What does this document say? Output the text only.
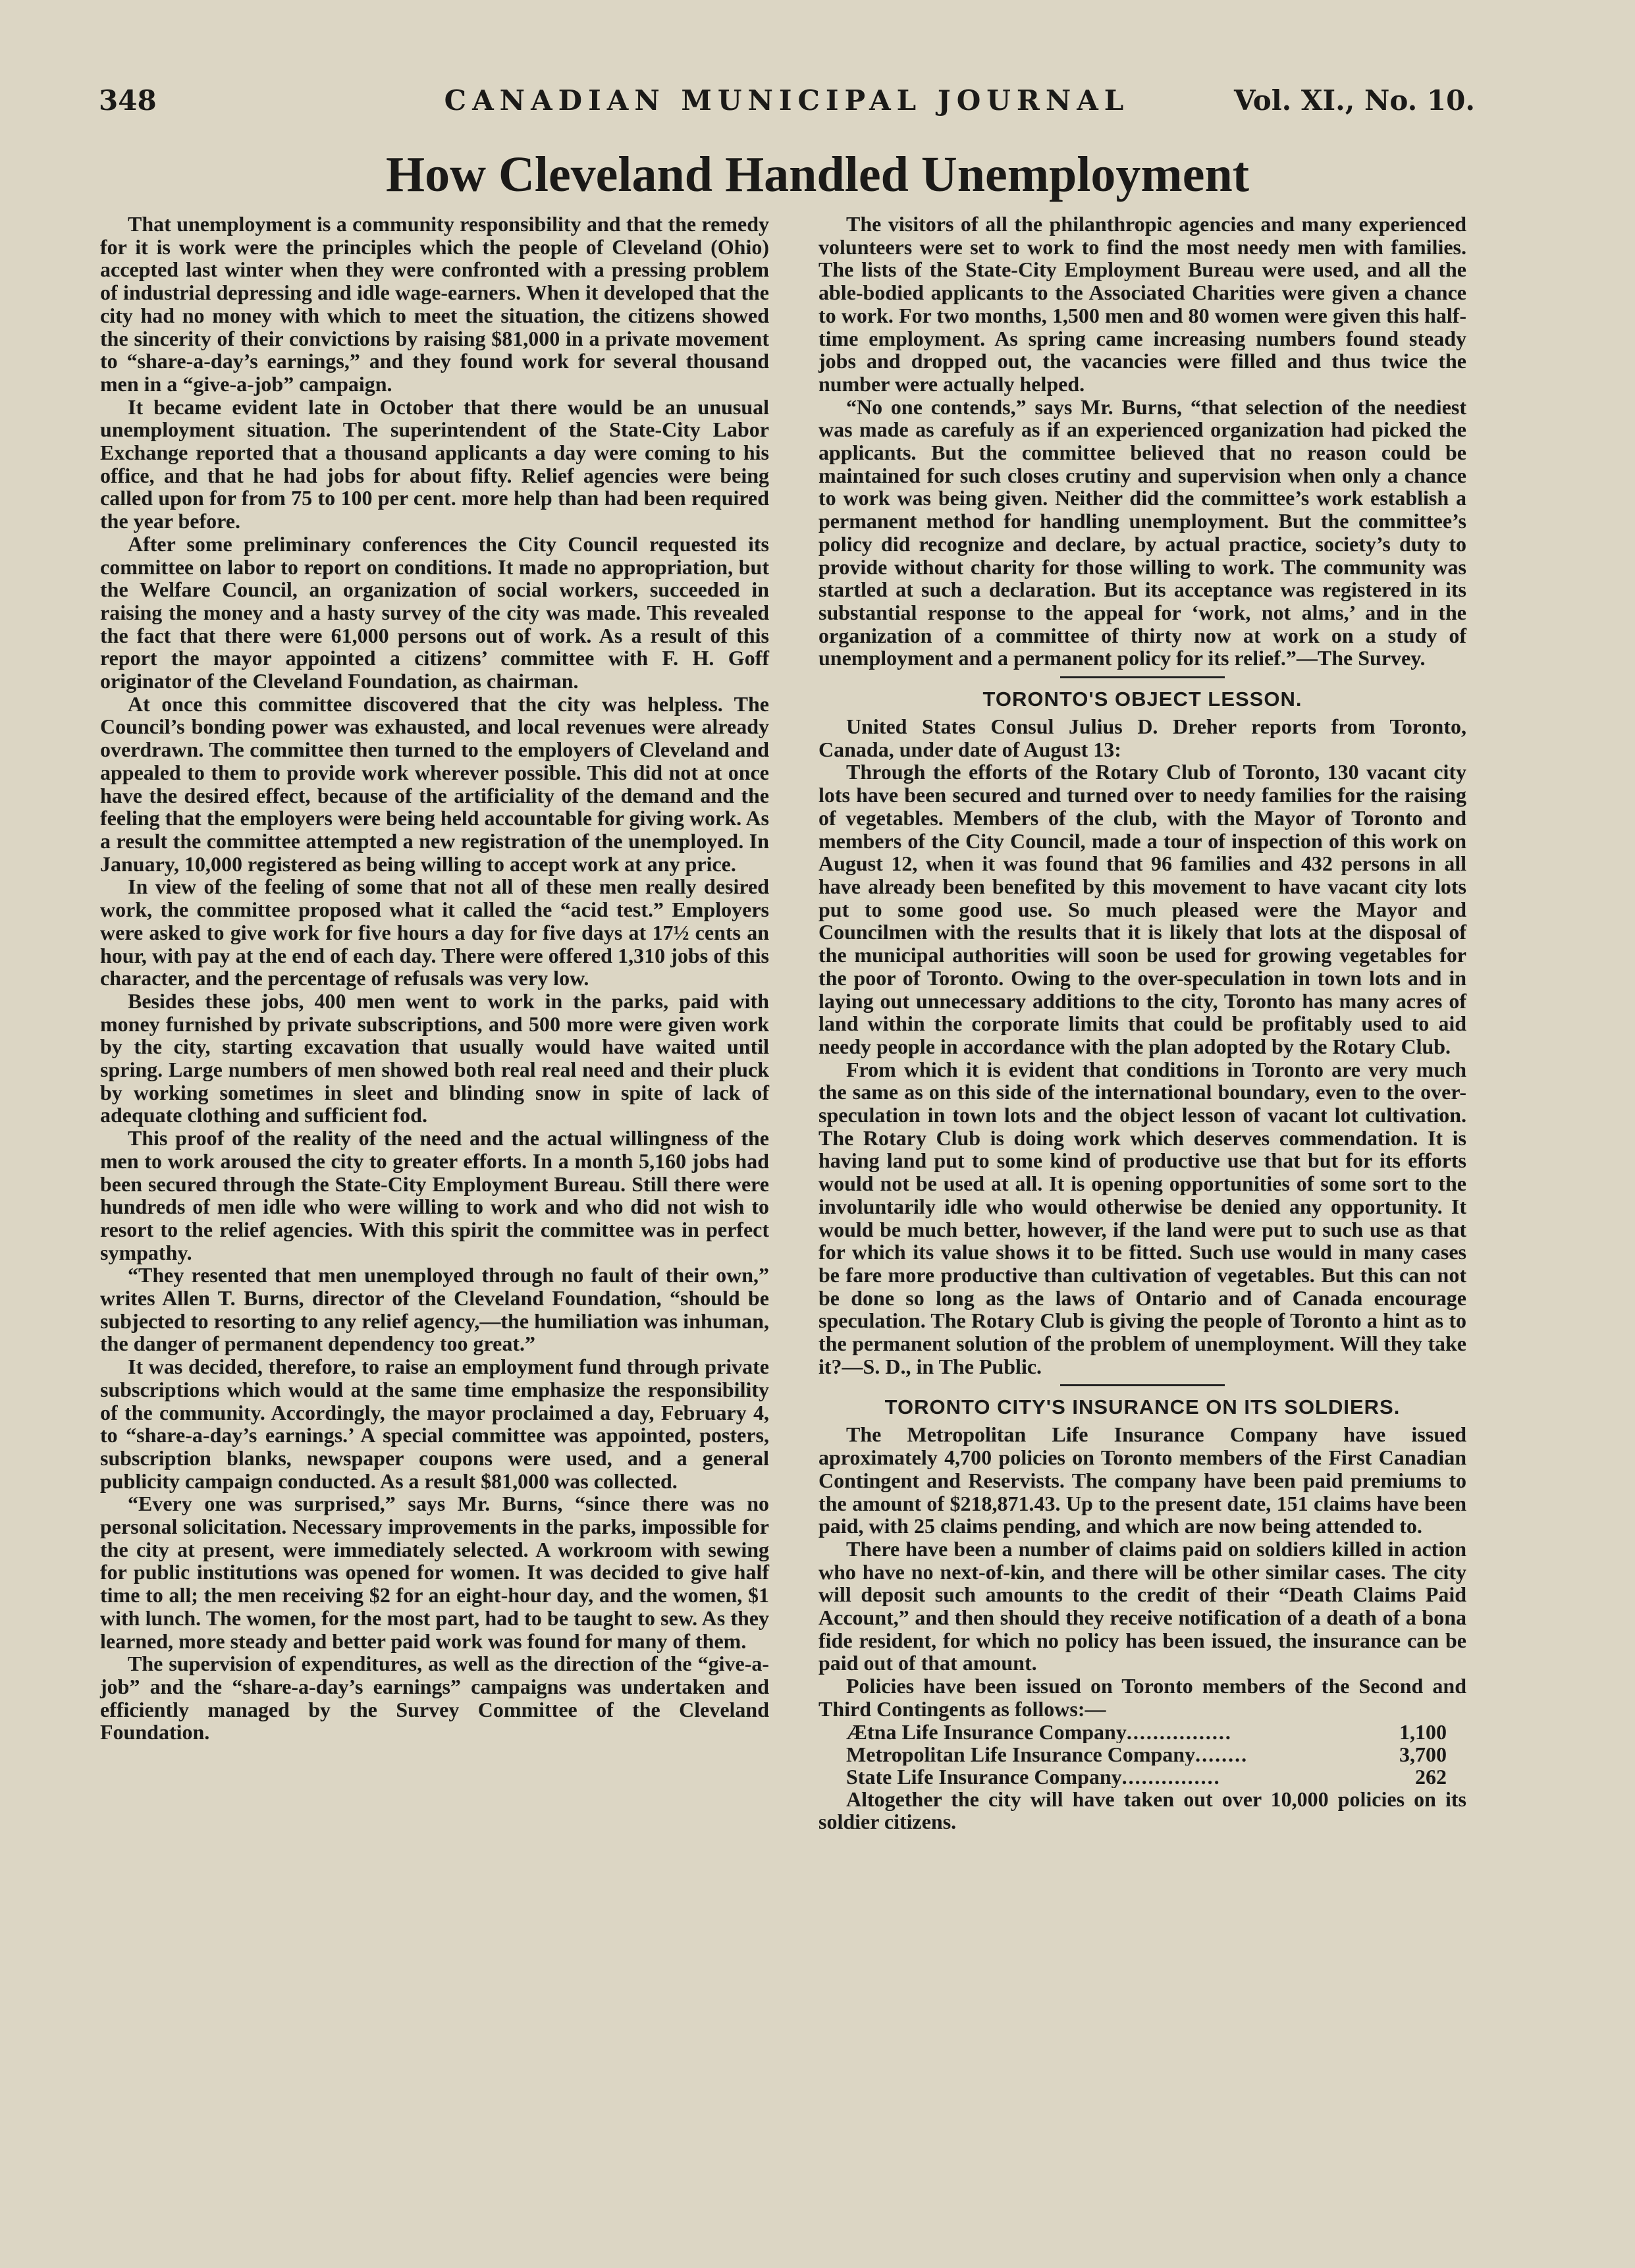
348	CANADIAN MUNICIPAL JOURNAL	Vol. XI., No. 10.
How Cleveland Handled Unemployment

That unemployment is a community responsibility and that the remedy for it is work were the principles which the people of Cleveland (Ohio) accepted last winter when they were confronted with a pressing problem of industrial depressing and idle wage-earners. When it developed that the city had no money with which to meet the situation, the citizens showed the sincerity of their convictions by raising $81,000 in a private movement to “share-a-day’s earnings,” and they found work for several thousand men in a “give-a-job” campaign.

It became evident late in October that there would be an unusual unemployment situation. The superintendent of the State-City Labor Exchange reported that a thousand applicants a day were coming to his office, and that he had jobs for about fifty. Relief agencies were being called upon for from 75 to 100 per cent. more help than had been required the year before.

After some preliminary conferences the City Council requested its committee on labor to report on conditions. It made no appropriation, but the Welfare Council, an organization of social workers, succeeded in raising the money and a hasty survey of the city was made. This revealed the fact that there were 61,000 persons out of work. As a result of this report the mayor appointed a citizens’ committee with F. H. Goff originator of the Cleveland Foundation, as chairman.

At once this committee discovered that the city was helpless. The Council’s bonding power was exhausted, and local revenues were already overdrawn. The committee then turned to the employers of Cleveland and appealed to them to provide work wherever possible. This did not at once have the desired effect, because of the artificiality of the demand and the feeling that the employers were being held accountable for giving work. As a result the committee attempted a new registration of the unemployed. In January, 10,000 registered as being willing to accept work at any price.

In view of the feeling of some that not all of these men really desired work, the committee proposed what it called the “acid test.” Employers were asked to give work for five hours a day for five days at 17½ cents an hour, with pay at the end of each day. There were offered 1,310 jobs of this character, and the percentage of refusals was very low.

Besides these jobs, 400 men went to work in the parks, paid with money furnished by private subscriptions, and 500 more were given work by the city, starting excavation that usually would have waited until spring. Large numbers of men showed both real real need and their pluck by working sometimes in sleet and blinding snow in spite of lack of adequate clothing and sufficient fod.

This proof of the reality of the need and the actual willingness of the men to work aroused the city to greater efforts. In a month 5,160 jobs had been secured through the State-City Employment Bureau. Still there were hundreds of men idle who were willing to work and who did not wish to resort to the relief agencies. With this spirit the committee was in perfect sympathy.

“They resented that men unemployed through no fault of their own,” writes Allen T. Burns, director of the Cleveland Foundation, “should be subjected to resorting to any relief agency,—the humiliation was inhuman, the danger of permanent dependency too great.”

It was decided, therefore, to raise an employment fund through private subscriptions which would at the same time emphasize the responsibility of the community. Accordingly, the mayor proclaimed a day, February 4, to “share-a-day’s earnings.’ A special committee was appointed, posters, subscription blanks, newspaper coupons were used, and a general publicity campaign conducted. As a result $81,000 was collected.

“Every one was surprised,” says Mr. Burns, “since there was no personal solicitation. Necessary improvements in the parks, impossible for the city at present, were immediately selected. A workroom with sewing for public institutions was opened for women. It was decided to give half time to all; the men receiving $2 for an eight-hour day, and the women, $1 with lunch. The women, for the most part, had to be taught to sew. As they learned, more steady and better paid work was found for many of them.

The supervision of expenditures, as well as the direction of the “give-a-job” and the “share-a-day’s earnings” campaigns was undertaken and efficiently managed by the Survey Committee of the Cleveland Foundation.

The visitors of all the philanthropic agencies and many experienced volunteers were set to work to find the most needy men with families. The lists of the State-City Employment Bureau were used, and all the able-bodied applicants to the Associated Charities were given a chance to work. For two months, 1,500 men and 80 women were given this half-time employment. As spring came increasing numbers found steady jobs and dropped out, the vacancies were filled and thus twice the number were actually helped.

“No one contends,” says Mr. Burns, “that selection of the neediest was made as carefuly as if an experienced organization had picked the applicants. But the committee believed that no reason could be maintained for such closes crutiny and supervision when only a chance to work was being given. Neither did the committee’s work establish a permanent method for handling unemployment. But the committee’s policy did recognize and declare, by actual practice, society’s duty to provide without charity for those willing to work. The community was startled at such a declaration. But its acceptance was registered in its substantial response to the appeal for ‘work, not alms,’ and in the organization of a committee of thirty now at work on a study of unemployment and a permanent policy for its relief.”—The Survey.

TORONTO'S OBJECT LESSON.

United States Consul Julius D. Dreher reports from Toronto, Canada, under date of August 13:

Through the efforts of the Rotary Club of Toronto, 130 vacant city lots have been secured and turned over to needy families for the raising of vegetables. Members of the club, with the Mayor of Toronto and members of the City Council, made a tour of inspection of this work on August 12, when it was found that 96 families and 432 persons in all have already been benefited by this movement to have vacant city lots put to some good use. So much pleased were the Mayor and Councilmen with the results that it is likely that lots at the disposal of the municipal authorities will soon be used for growing vegetables for the poor of Toronto. Owing to the over-speculation in town lots and in laying out unnecessary additions to the city, Toronto has many acres of land within the corporate limits that could be profitably used to aid needy people in accordance with the plan adopted by the Rotary Club.

From which it is evident that conditions in Toronto are very much the same as on this side of the international boundary, even to the over-speculation in town lots and the object lesson of vacant lot cultivation. The Rotary Club is doing work which deserves commendation. It is having land put to some kind of productive use that but for its efforts would not be used at all. It is opening opportunities of some sort to the involuntarily idle who would otherwise be denied any opportunity. It would be much better, however, if the land were put to such use as that for which its value shows it to be fitted. Such use would in many cases be fare more productive than cultivation of vegetables. But this can not be done so long as the laws of Ontario and of Canada encourage speculation. The Rotary Club is giving the people of Toronto a hint as to the permanent solution of the problem of unemployment. Will they take it?—S. D., in The Public.

TORONTO CITY'S INSURANCE ON ITS SOLDIERS.

The Metropolitan Life Insurance Company have issued aproximately 4,700 policies on Toronto members of the First Canadian Contingent and Reservists. The company have been paid premiums to the amount of $218,871.43. Up to the present date, 151 claims have been paid, with 25 claims pending, and which are now being attended to.

There have been a number of claims paid on soldiers killed in action who have no next-of-kin, and there will be other similar cases. The city will deposit such amounts to the credit of their “Death Claims Paid Account,” and then should they receive notification of a death of a bona fide resident, for which no policy has been issued, the insurance can be paid out of that amount.

Policies have been issued on Toronto members of the Second and Third Contingents as follows:—

Ætna Life Insurance Company................	1,100
Metropolitan Life Insurance Company........	3,700
State Life Insurance Company...............	262

Altogether the city will have taken out over 10,000 policies on its soldier citizens.
